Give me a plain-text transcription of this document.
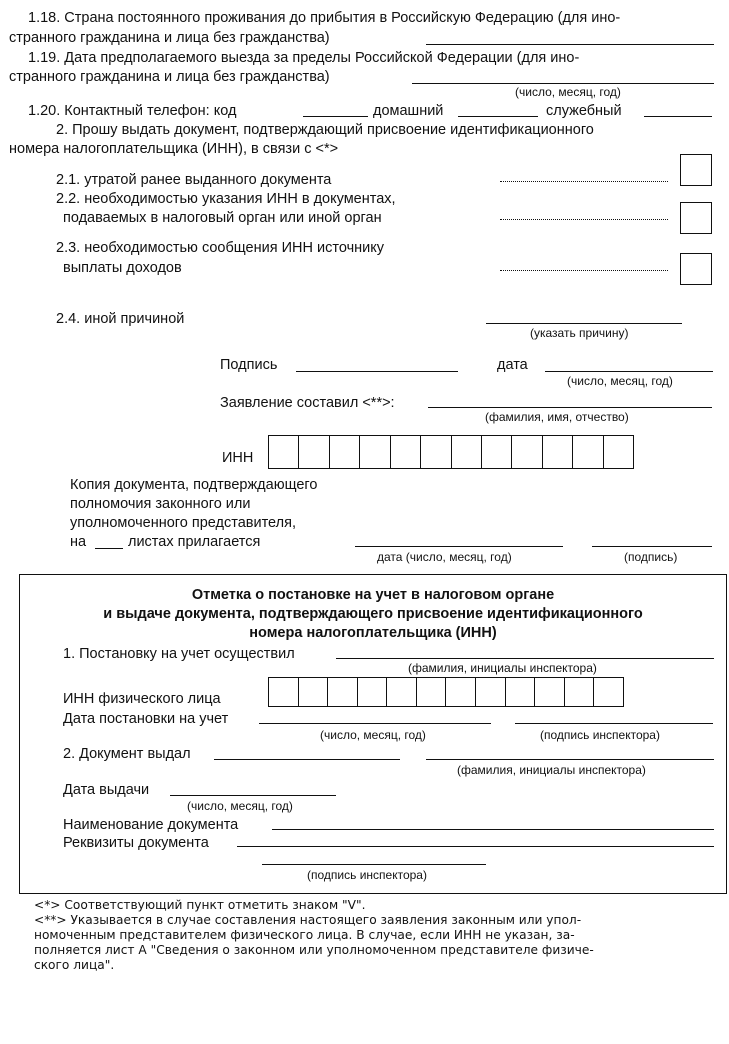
1.18. Страна постоянного проживания до прибытия в Российскую Федерацию (для ино-
странного гражданина и лица без гражданства)
1.19. Дата предполагаемого выезда за пределы Российской Федерации (для ино-
странного гражданина и лица без гражданства)
(число, месяц, год)
1.20. Контактный телефон: код	домашний	служебный
2. Прошу выдать документ, подтверждающий присвоение идентификационного
номера налогоплательщика (ИНН), в связи с <*>
2.1. утратой ранее выданного документа
2.2. необходимостью указания ИНН в документах,
подаваемых в налоговый орган или иной орган
2.3. необходимостью сообщения ИНН источнику
выплаты доходов
2.4. иной причиной
(указать причину)
Подпись	дата
(число, месяц, год)
Заявление составил <**>:
(фамилия, имя, отчество)
ИНН
Копия документа, подтверждающего
полномочия законного или
уполномоченного представителя,
на	листах прилагается
дата (число, месяц, год)	(подпись)
Отметка о постановке на учет в налоговом органе
и выдаче документа, подтверждающего присвоение идентификационного
номера налогоплательщика (ИНН)
1. Постановку на учет осуществил
(фамилия, инициалы инспектора)
ИНН физического лица
Дата постановки на учет
(число, месяц, год)	(подпись инспектора)
2. Документ выдал
(фамилия, инициалы инспектора)
Дата выдачи
(число, месяц, год)
Наименование документа
Реквизиты документа
(подпись инспектора)
<*> Соответствующий пункт отметить знаком "V".
<**> Указывается в случае составления настоящего заявления законным или упол-
номоченным представителем физического лица. В случае, если ИНН не указан, за-
полняется лист А "Сведения о законном или уполномоченном представителе физиче-
ского лица".
